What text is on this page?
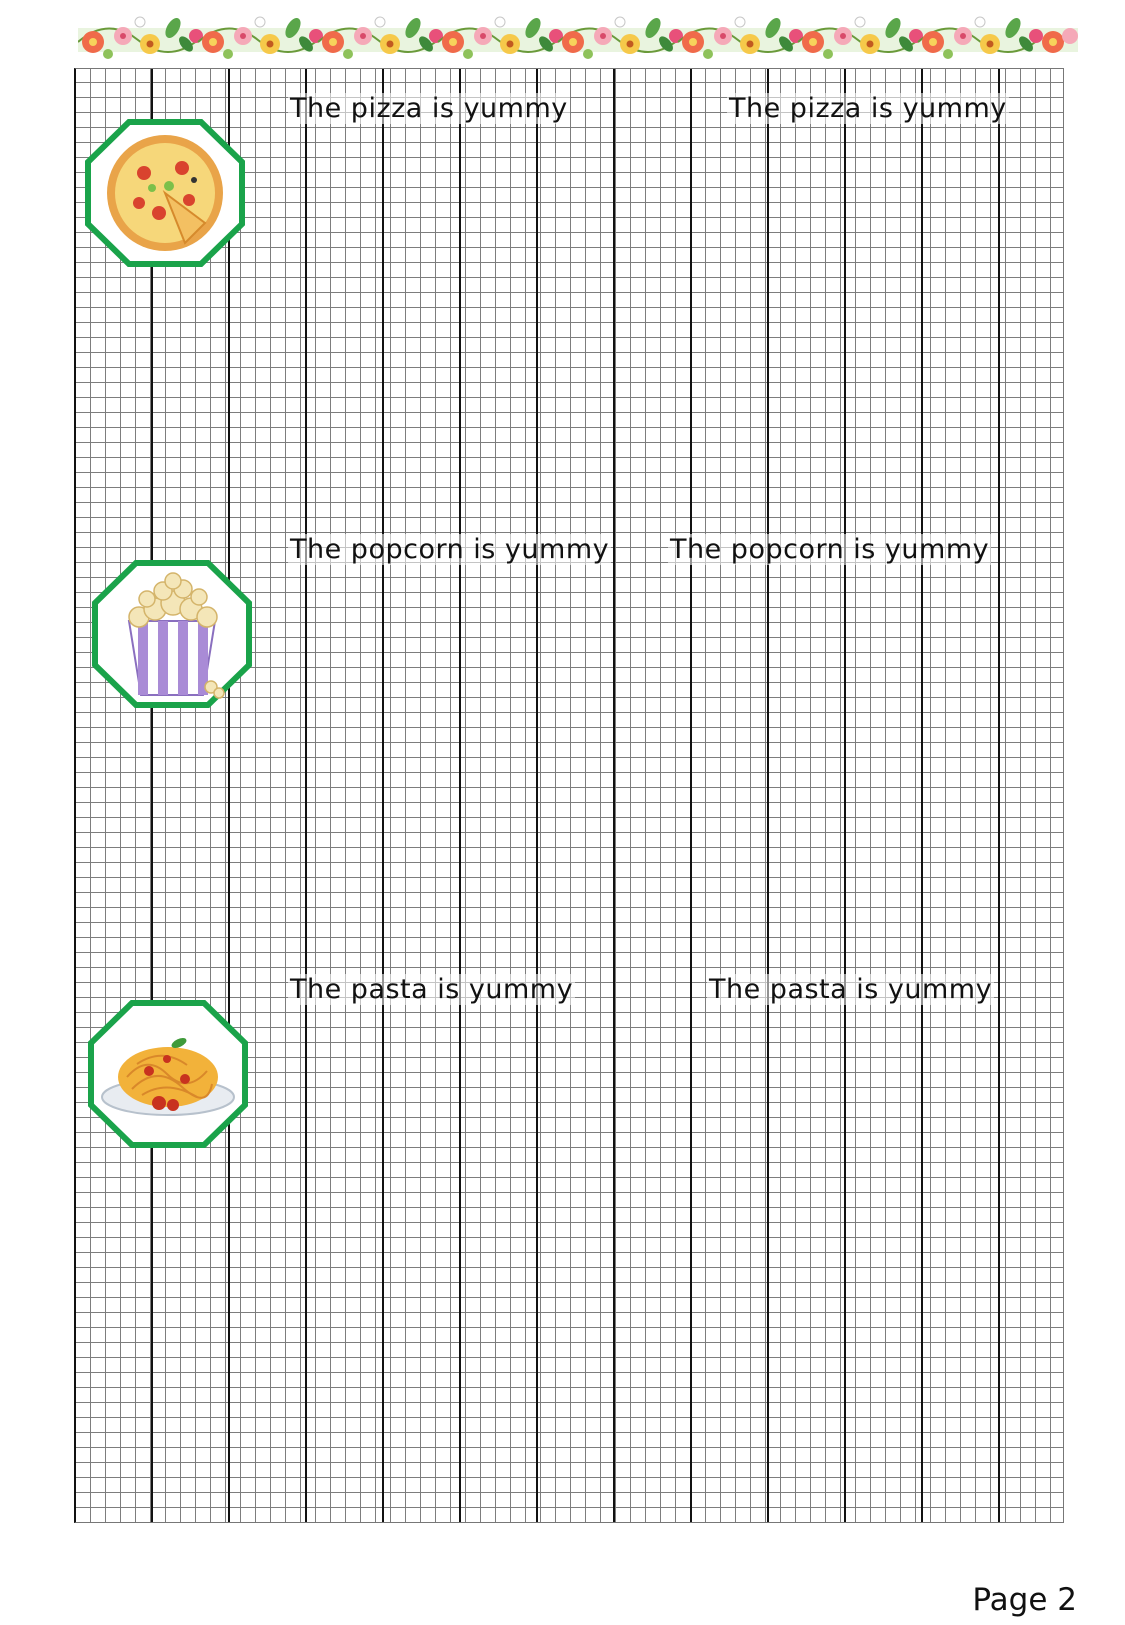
The pizza is yummy	The pizza is yummy
The popcorn is yummy The popcorn is yummy
The pasta is yummy	The pasta is yummy
Page 2
